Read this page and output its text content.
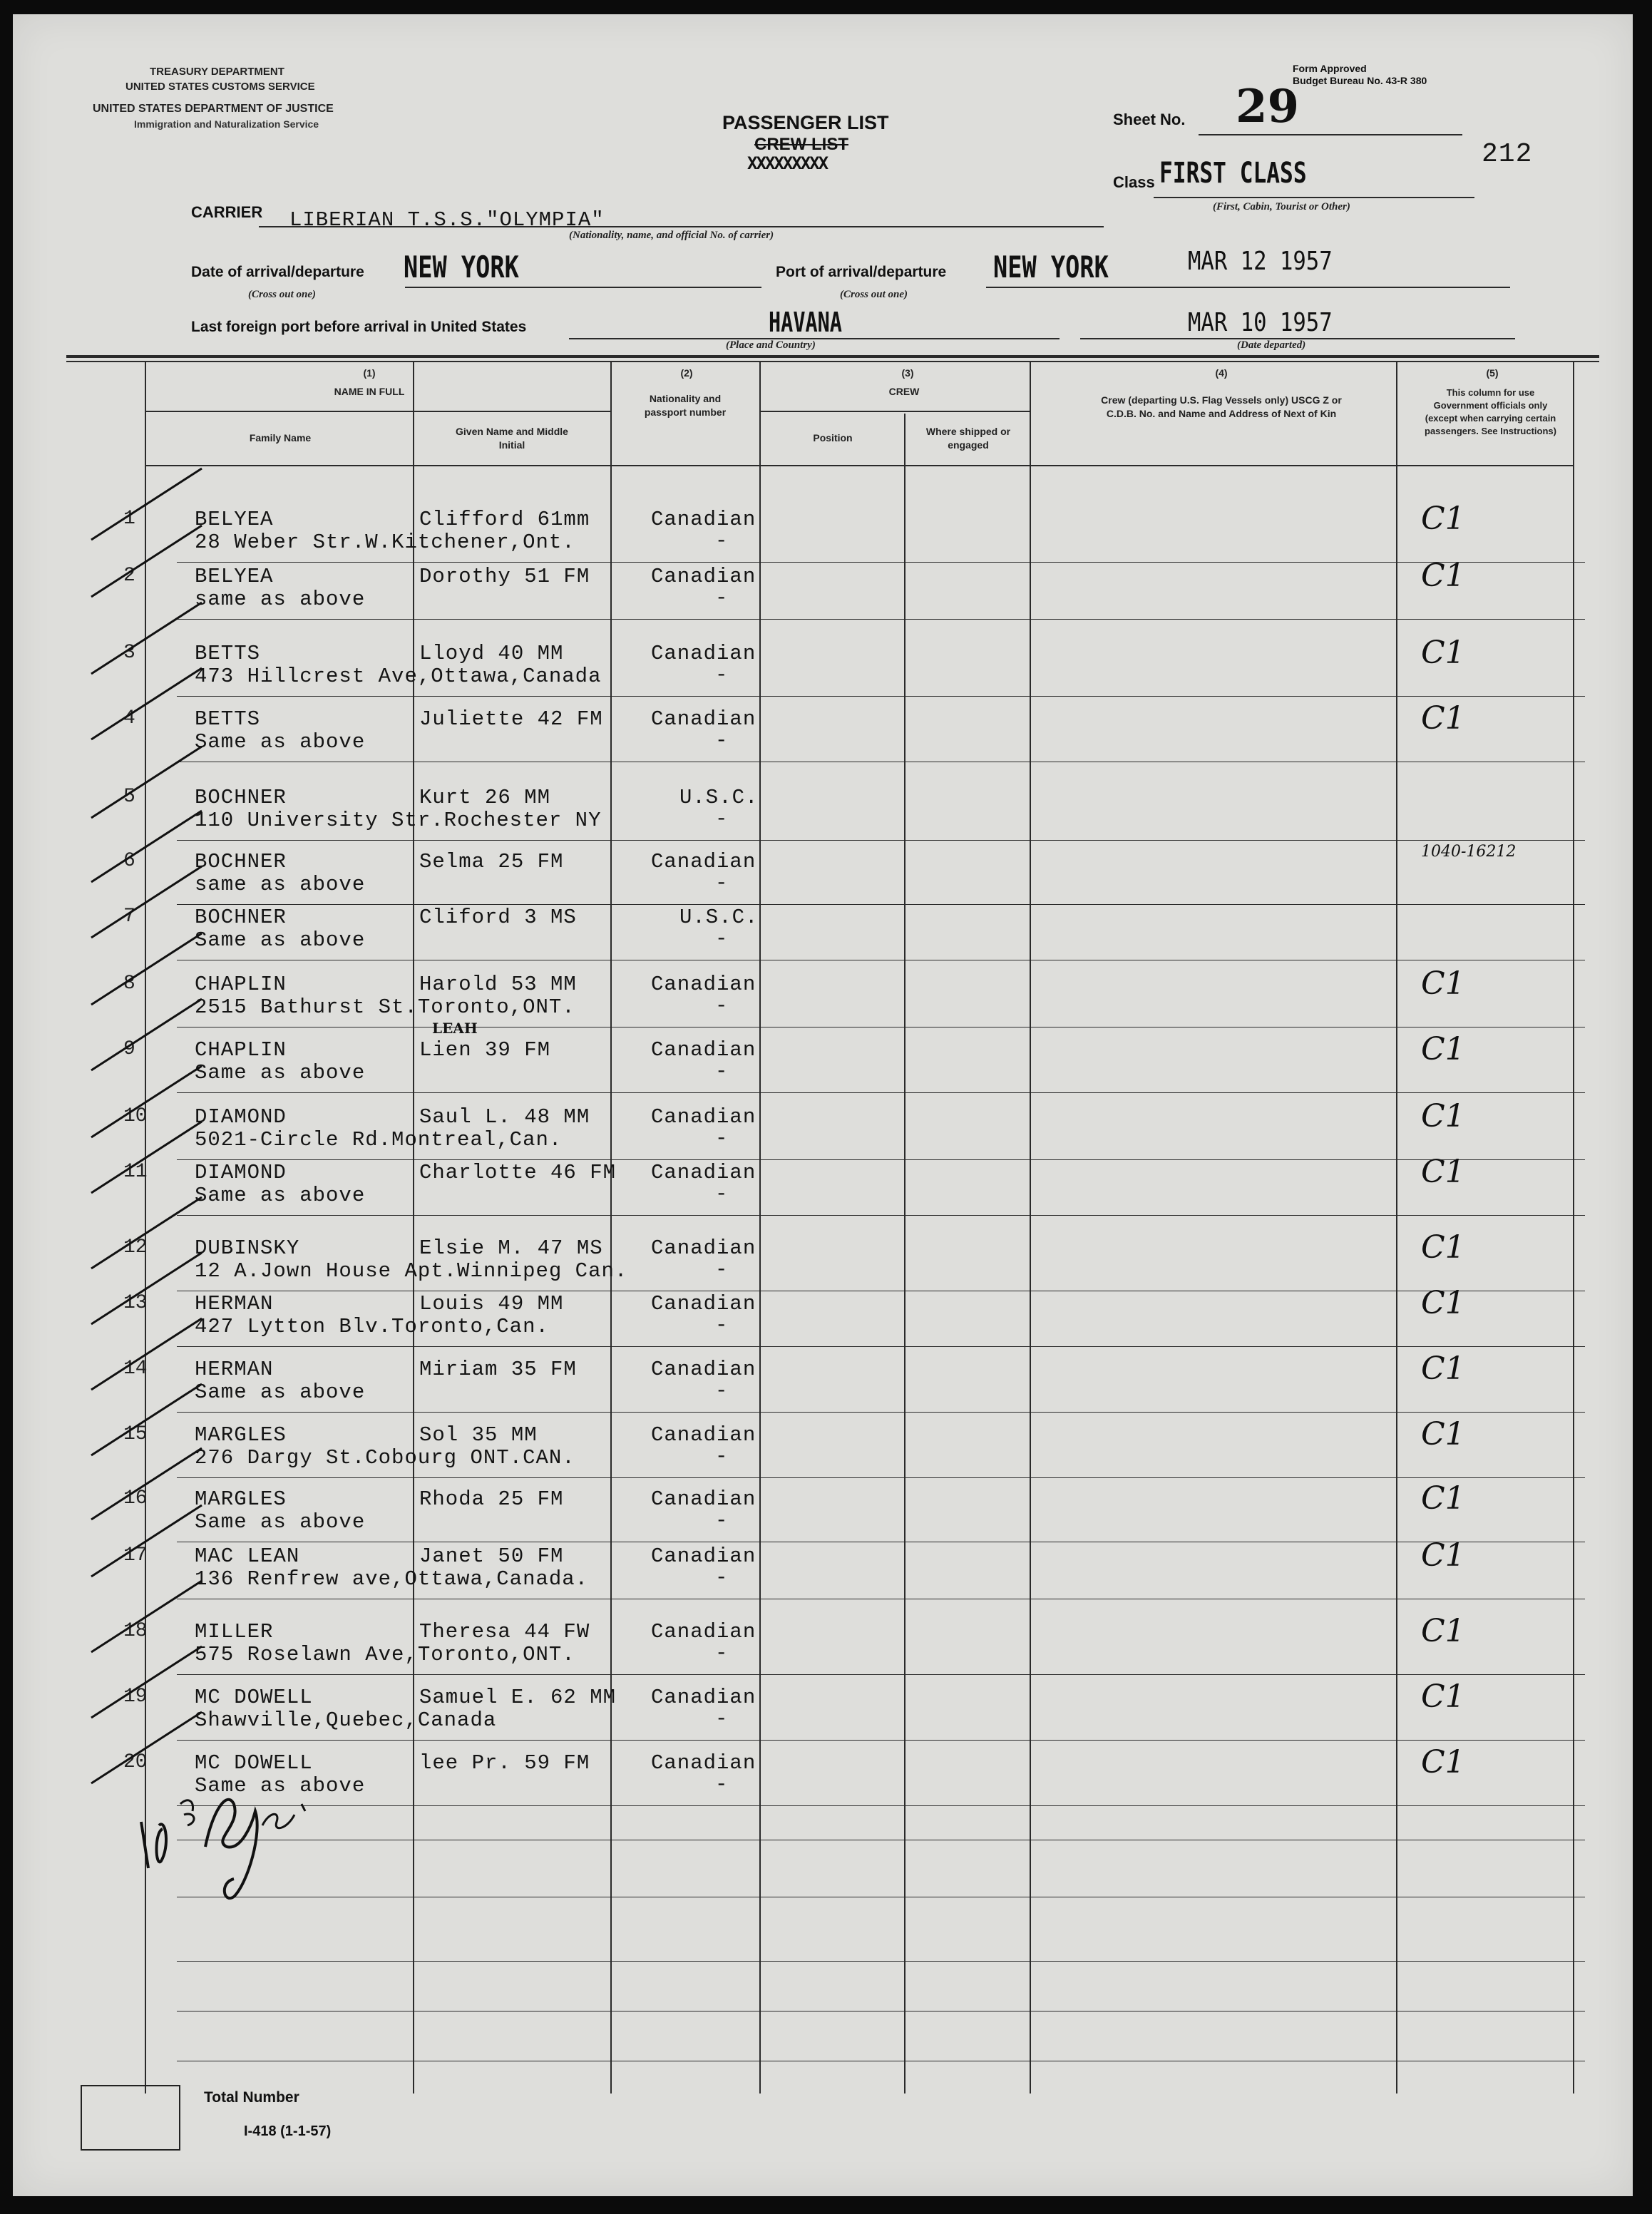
TREASURY DEPARTMENT
UNITED STATES CUSTOMS SERVICE
UNITED STATES DEPARTMENT OF JUSTICE
Immigration and Naturalization Service	PASSENGER LIST
CREW LIST
XXXXXXXXX
Form Approved
Budget Bureau No. 43-R 380
Sheet No. 29
212
Class FIRST CLASS
(First, Cabin, Tourist or Other)
CARRIER LIBERIAN T.S.S."OLYMPIA"
(Nationality, name, and official No. of carrier)
Date of arrival/departure
(Cross out one)
NEW YORK	Port of arrival/departure
(Cross out one)
NEW YORK	MAR 12 1957
Last foreign port before arrival in United States	HAVANA
(Place and Country)
MAR 10 1957
(Date departed)
(1)
NAME IN FULL
Family Name
Given Name and Middle Initial
(2)
Nationality and passport number
(3)
CREW
Position
Where shipped or engaged
(4)
Crew (departing U.S. Flag Vessels only) USCG Z or C.D.B. No. and Name and Address of Next of Kin
(5)
This column for use Government officials only (except when carrying certain passengers. See Instructions)
1	BELYEA	Clifford 61mm	Canadian
28 Weber Str.W.Kitchener,Ont.	-
C1
2	BELYEA	Dorothy 51 FM	Canadian
same as above	-
C1
3	BETTS	Lloyd 40 MM	Canadian
473 Hillcrest Ave,Ottawa,Canada	-
C1
4	BETTS	Juliette 42 FM Canadian
Same as above	-
C1
5	BOCHNER	Kurt 26 MM	U.S.C.
110 University Str.Rochester NY	-
6	BOCHNER	Selma 25 FM	Canadian
same as above	-
1040-16212
7	BOCHNER	Cliford 3 MS	U.S.C.
Same as above	-
8	CHAPLIN	Harold 53 MM	Canadian
2515 Bathurst St.Toronto,ONT.	-
C1
9	CHAPLIN	Lien 39 FM	Canadian
Same as above	-
C1
LEAH
10 DIAMOND	Saul L. 48 MM	Canadian
5021-Circle Rd.Montreal,Can.	-
C1
11 DIAMOND	Charlotte 46 FM Canadian
Same as above	-
C1
12 DUBINSKY	Elsie M. 47 MS Canadian
12 A.Jown House Apt.Winnipeg Can.	-
C1
13 HERMAN	Louis 49 MM	Canadian
427 Lytton Blv.Toronto,Can.	-
C1
14 HERMAN	Miriam 35 FM	Canadian
Same as above	-
C1
15 MARGLES	Sol 35 MM	Canadian
276 Dargy St.Cobourg ONT.CAN.	-
C1
16 MARGLES	Rhoda 25 FM	Canadian
Same as above	-
C1
17 MAC LEAN	Janet 50 FM	Canadian
136 Renfrew ave,Ottawa,Canada.	-
C1
18 MILLER	Theresa 44 FW	Canadian
575 Roselawn Ave,Toronto,ONT.	-
C1
19 MC DOWELL	Samuel E. 62 MM Canadian
Shawville,Quebec,Canada	-
C1
20 MC DOWELL	lee Pr. 59 FM	Canadian
Same as above	-
C1
Total Number
I-418 (1-1-57)
